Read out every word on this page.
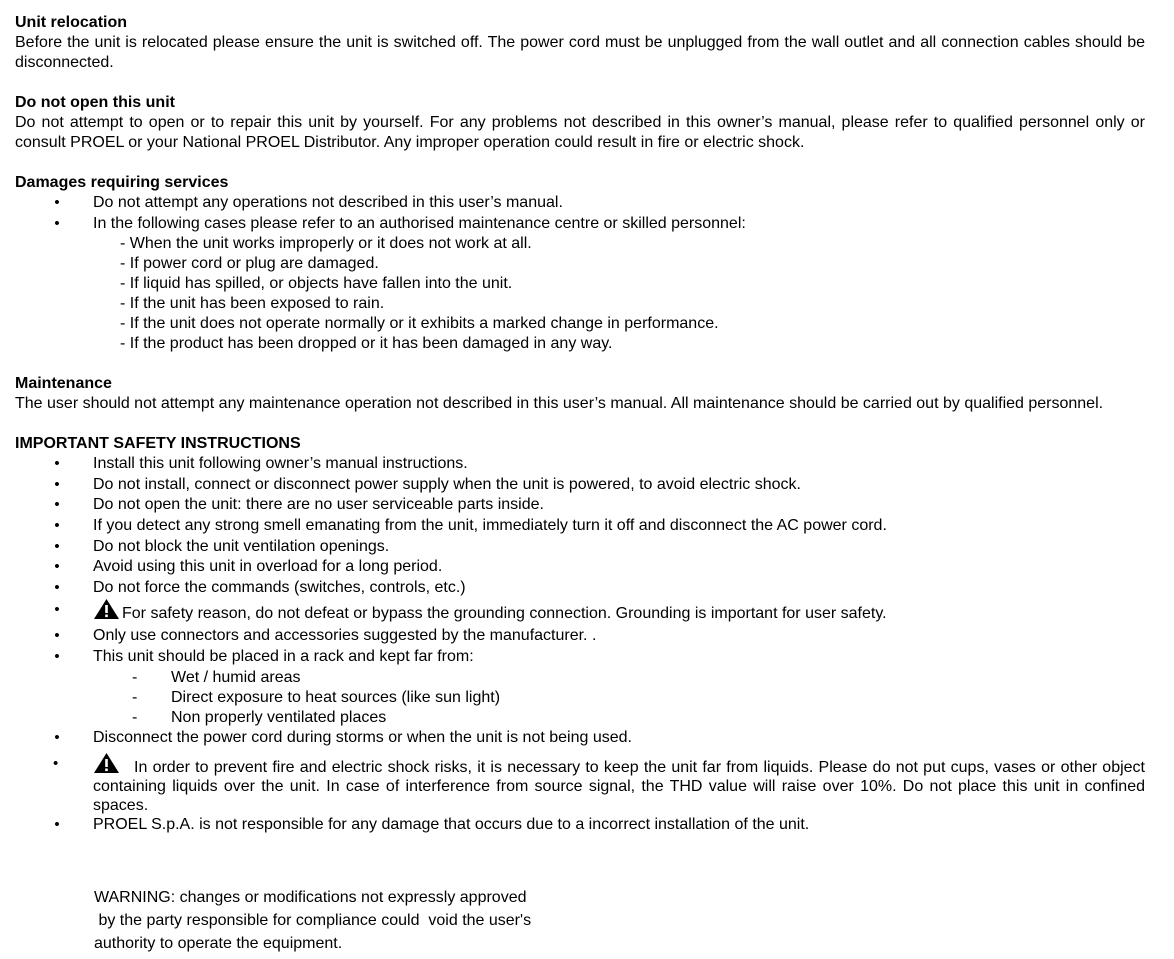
Unit relocation

Before the unit is relocated please ensure the unit is switched off. The power cord must be unplugged from the wall outlet and all connection cables should be disconnected.

Do not open this unit

Do not attempt to open or to repair this unit by yourself. For any problems not described in this owner’s manual, please refer to qualified personnel only or consult PROEL or your National PROEL Distributor. Any improper operation could result in fire or electric shock.

Damages requiring services

• Do not attempt any operations not described in this user’s manual.
• In the following cases please refer to an authorised maintenance centre or skilled personnel:
- When the unit works improperly or it does not work at all.
- If power cord or plug are damaged.
- If liquid has spilled, or objects have fallen into the unit.
- If the unit has been exposed to rain.
- If the unit does not operate normally or it exhibits a marked change in performance.
- If the product has been dropped or it has been damaged in any way.

Maintenance

The user should not attempt any maintenance operation not described in this user’s manual. All maintenance should be carried out by qualified personnel.

IMPORTANT SAFETY INSTRUCTIONS

• Install this unit following owner’s manual instructions.
• Do not install, connect or disconnect power supply when the unit is powered, to avoid electric shock.
• Do not open the unit: there are no user serviceable parts inside.
• If you detect any strong smell emanating from the unit, immediately turn it off and disconnect the AC power cord.
• Do not block the unit ventilation openings.
• Avoid using this unit in overload for a long period.
• Do not force the commands (switches, controls, etc.)
•	For safety reason, do not defeat or bypass the grounding connection. Grounding is important for user safety.
• Only use connectors and accessories suggested by the manufacturer. .
• This unit should be placed in a rack and kept far from:
- Wet / humid areas
- Direct exposure to heat sources (like sun light)
- Non properly ventilated places
• Disconnect the power cord during storms or when the unit is not being used.
•	In order to prevent fire and electric shock risks, it is necessary to keep the unit far from liquids. Please do not put cups, vases or other object containing liquids over the unit. In case of interference from source signal, the THD value will raise over 10%. Do not place this unit in confined spaces.
• PROEL S.p.A. is not responsible for any damage that occurs due to a incorrect installation of the unit.
WARNING: changes or modifications not expressly approved
by the party responsible for compliance could  void the user's
authority to operate the equipment.
